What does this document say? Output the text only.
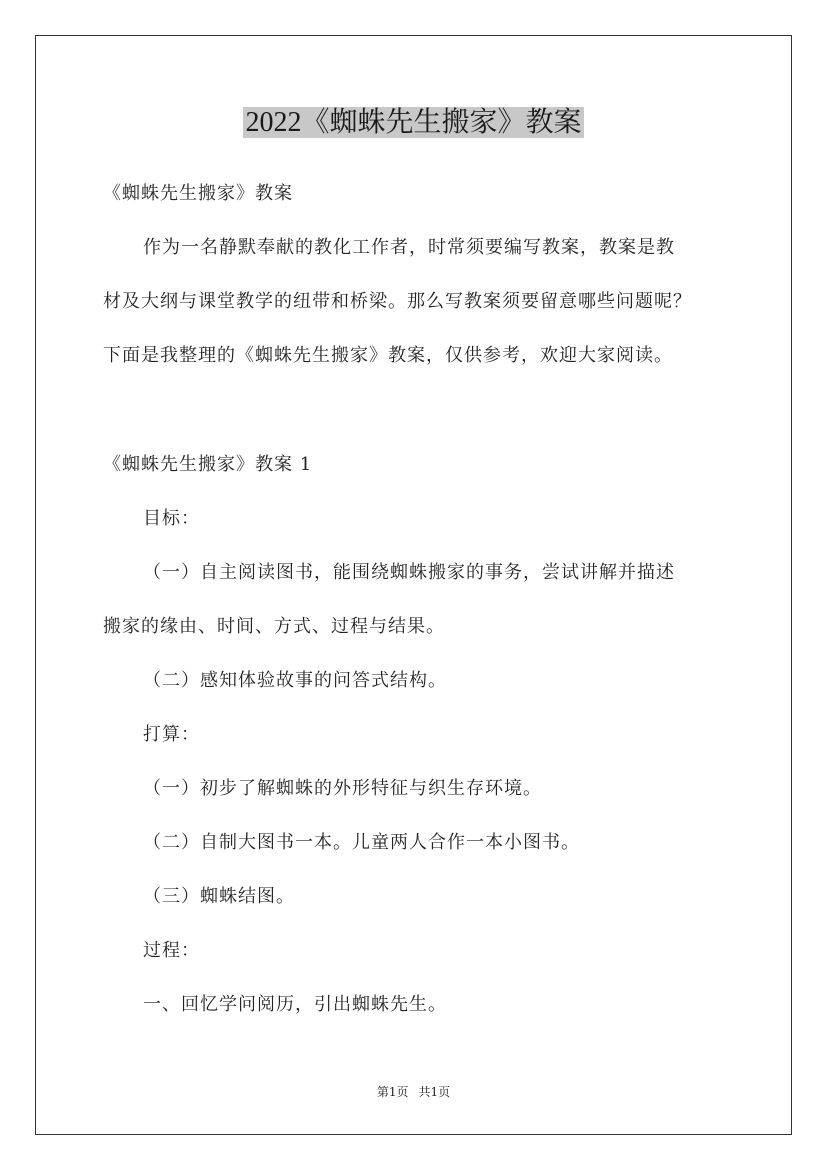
2022《蜘蛛先生搬家》教案
《蜘蛛先生搬家》教案
作为一名静默奉献的教化工作者，时常须要编写教案，教案是教
材及大纲与课堂教学的纽带和桥梁。那么写教案须要留意哪些问题呢？
下面是我整理的《蜘蛛先生搬家》教案，仅供参考，欢迎大家阅读。
《蜘蛛先生搬家》教案 1
目标：
（一）自主阅读图书，能围绕蜘蛛搬家的事务，尝试讲解并描述
搬家的缘由、时间、方式、过程与结果。
（二）感知体验故事的问答式结构。
打算：
（一）初步了解蜘蛛的外形特征与织生存环境。
（二）自制大图书一本。儿童两人合作一本小图书。
（三）蜘蛛结图。
过程：
一、回忆学问阅历，引出蜘蛛先生。
第1页 共1页
